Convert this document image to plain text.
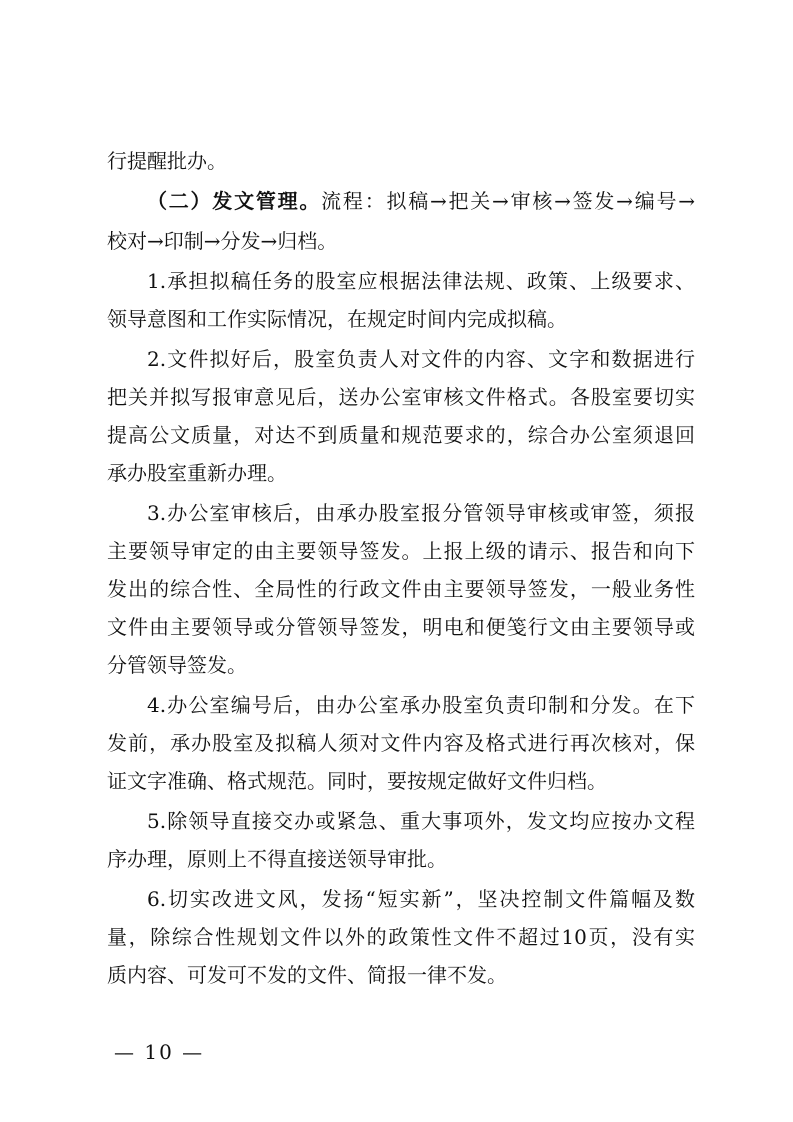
行提醒批办。
（二）发文管理。流程：拟稿→把关→审核→签发→编号→
校对→印制→分发→归档。
1.承担拟稿任务的股室应根据法律法规、政策、上级要求、
领导意图和工作实际情况，在规定时间内完成拟稿。
2.文件拟好后，股室负责人对文件的内容、文字和数据进行
把关并拟写报审意见后，送办公室审核文件格式。各股室要切实
提高公文质量，对达不到质量和规范要求的，综合办公室须退回
承办股室重新办理。
3.办公室审核后，由承办股室报分管领导审核或审签，须报
主要领导审定的由主要领导签发。上报上级的请示、报告和向下
发出的综合性、全局性的行政文件由主要领导签发，一般业务性
文件由主要领导或分管领导签发，明电和便笺行文由主要领导或
分管领导签发。
4.办公室编号后，由办公室承办股室负责印制和分发。在下
发前，承办股室及拟稿人须对文件内容及格式进行再次核对，保
证文字准确、格式规范。同时，要按规定做好文件归档。
5.除领导直接交办或紧急、重大事项外，发文均应按办文程
序办理，原则上不得直接送领导审批。
6.切实改进文风，发扬“短实新”，坚决控制文件篇幅及数
量，除综合性规划文件以外的政策性文件不超过10页，没有实
质内容、可发可不发的文件、简报一律不发。
— 10 —
